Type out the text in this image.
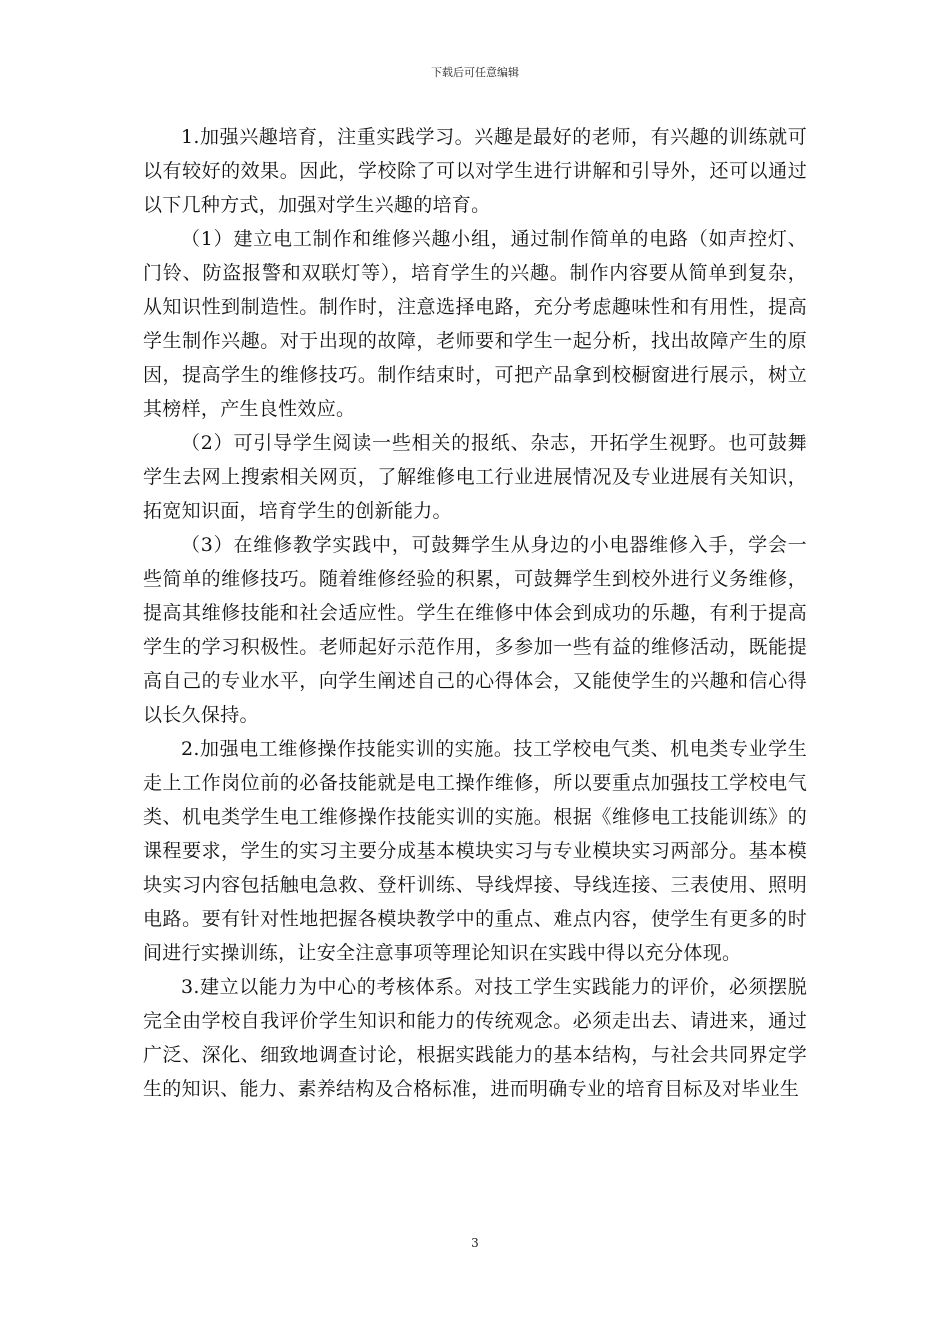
下载后可任意编辑

1.加强兴趣培育，注重实践学习。兴趣是最好的老师，有兴趣的训练就可以有较好的效果。因此，学校除了可以对学生进行讲解和引导外，还可以通过以下几种方式，加强对学生兴趣的培育。

（1）建立电工制作和维修兴趣小组，通过制作简单的电路（如声控灯、门铃、防盗报警和双联灯等），培育学生的兴趣。制作内容要从简单到复杂，从知识性到制造性。制作时，注意选择电路，充分考虑趣味性和有用性，提高学生制作兴趣。对于出现的故障，老师要和学生一起分析，找出故障产生的原因，提高学生的维修技巧。制作结束时，可把产品拿到校橱窗进行展示，树立其榜样，产生良性效应。

（2）可引导学生阅读一些相关的报纸、杂志，开拓学生视野。也可鼓舞学生去网上搜索相关网页，了解维修电工行业进展情况及专业进展有关知识，拓宽知识面，培育学生的创新能力。

（3）在维修教学实践中，可鼓舞学生从身边的小电器维修入手，学会一些简单的维修技巧。随着维修经验的积累，可鼓舞学生到校外进行义务维修，提高其维修技能和社会适应性。学生在维修中体会到成功的乐趣，有利于提高学生的学习积极性。老师起好示范作用，多参加一些有益的维修活动，既能提高自己的专业水平，向学生阐述自己的心得体会，又能使学生的兴趣和信心得以长久保持。

2.加强电工维修操作技能实训的实施。技工学校电气类、机电类专业学生走上工作岗位前的必备技能就是电工操作维修，所以要重点加强技工学校电气类、机电类学生电工维修操作技能实训的实施。根据《维修电工技能训练》的课程要求，学生的实习主要分成基本模块实习与专业模块实习两部分。基本模块实习内容包括触电急救、登杆训练、导线焊接、导线连接、三表使用、照明电路。要有针对性地把握各模块教学中的重点、难点内容，使学生有更多的时间进行实操训练，让安全注意事项等理论知识在实践中得以充分体现。

3.建立以能力为中心的考核体系。对技工学生实践能力的评价，必须摆脱完全由学校自我评价学生知识和能力的传统观念。必须走出去、请进来，通过广泛、深化、细致地调查讨论，根据实践能力的基本结构，与社会共同界定学生的知识、能力、素养结构及合格标准，进而明确专业的培育目标及对毕业生

3
